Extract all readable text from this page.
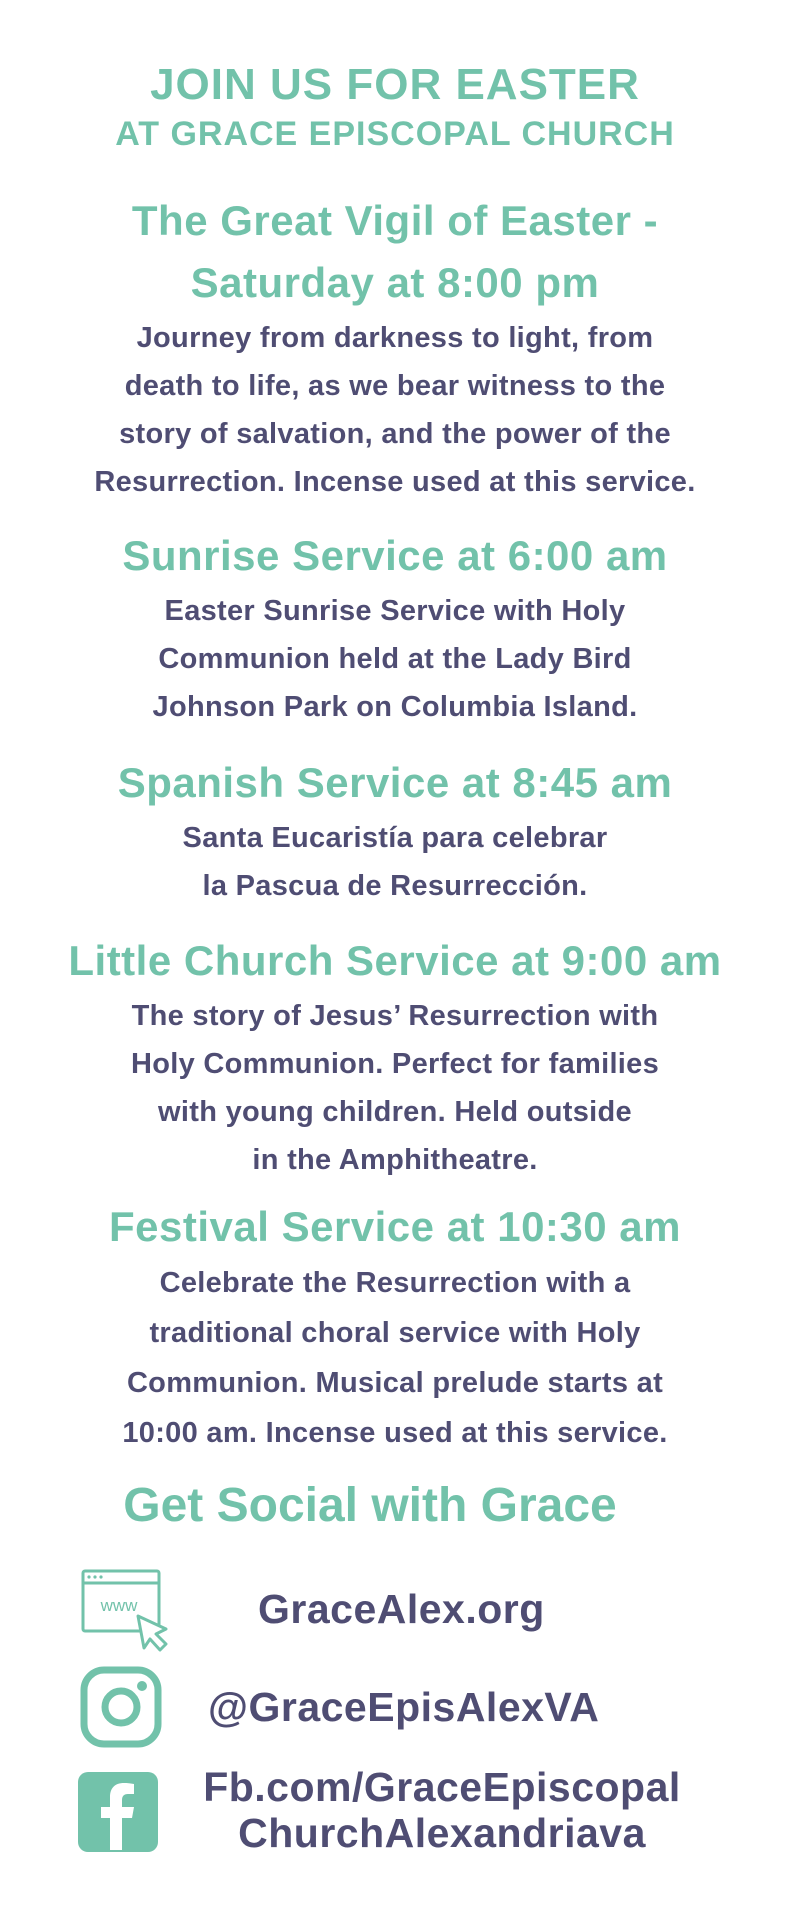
JOIN US FOR EASTER
AT GRACE EPISCOPAL CHURCH
The Great Vigil of Easter -
Saturday at 8:00 pm
Journey from darkness to light, from
death to life, as we bear witness to the
story of salvation, and the power of the
Resurrection. Incense used at this service.
Sunrise Service at 6:00 am
Easter Sunrise Service with Holy
Communion held at the Lady Bird
Johnson Park on Columbia Island.
Spanish Service at 8:45 am
Santa Eucaristía para celebrar
la Pascua de Resurrección.
Little Church Service at 9:00 am
The story of Jesus’ Resurrection with
Holy Communion. Perfect for families
with young children. Held outside
in the Amphitheatre.
Festival Service at 10:30 am
Celebrate the Resurrection with a
traditional choral service with Holy
Communion. Musical prelude starts at
10:00 am. Incense used at this service.
Get Social with Grace
www	GraceAlex.org
@GraceEpisAlexVA
Fb.com/GraceEpiscopal
ChurchAlexandriava
